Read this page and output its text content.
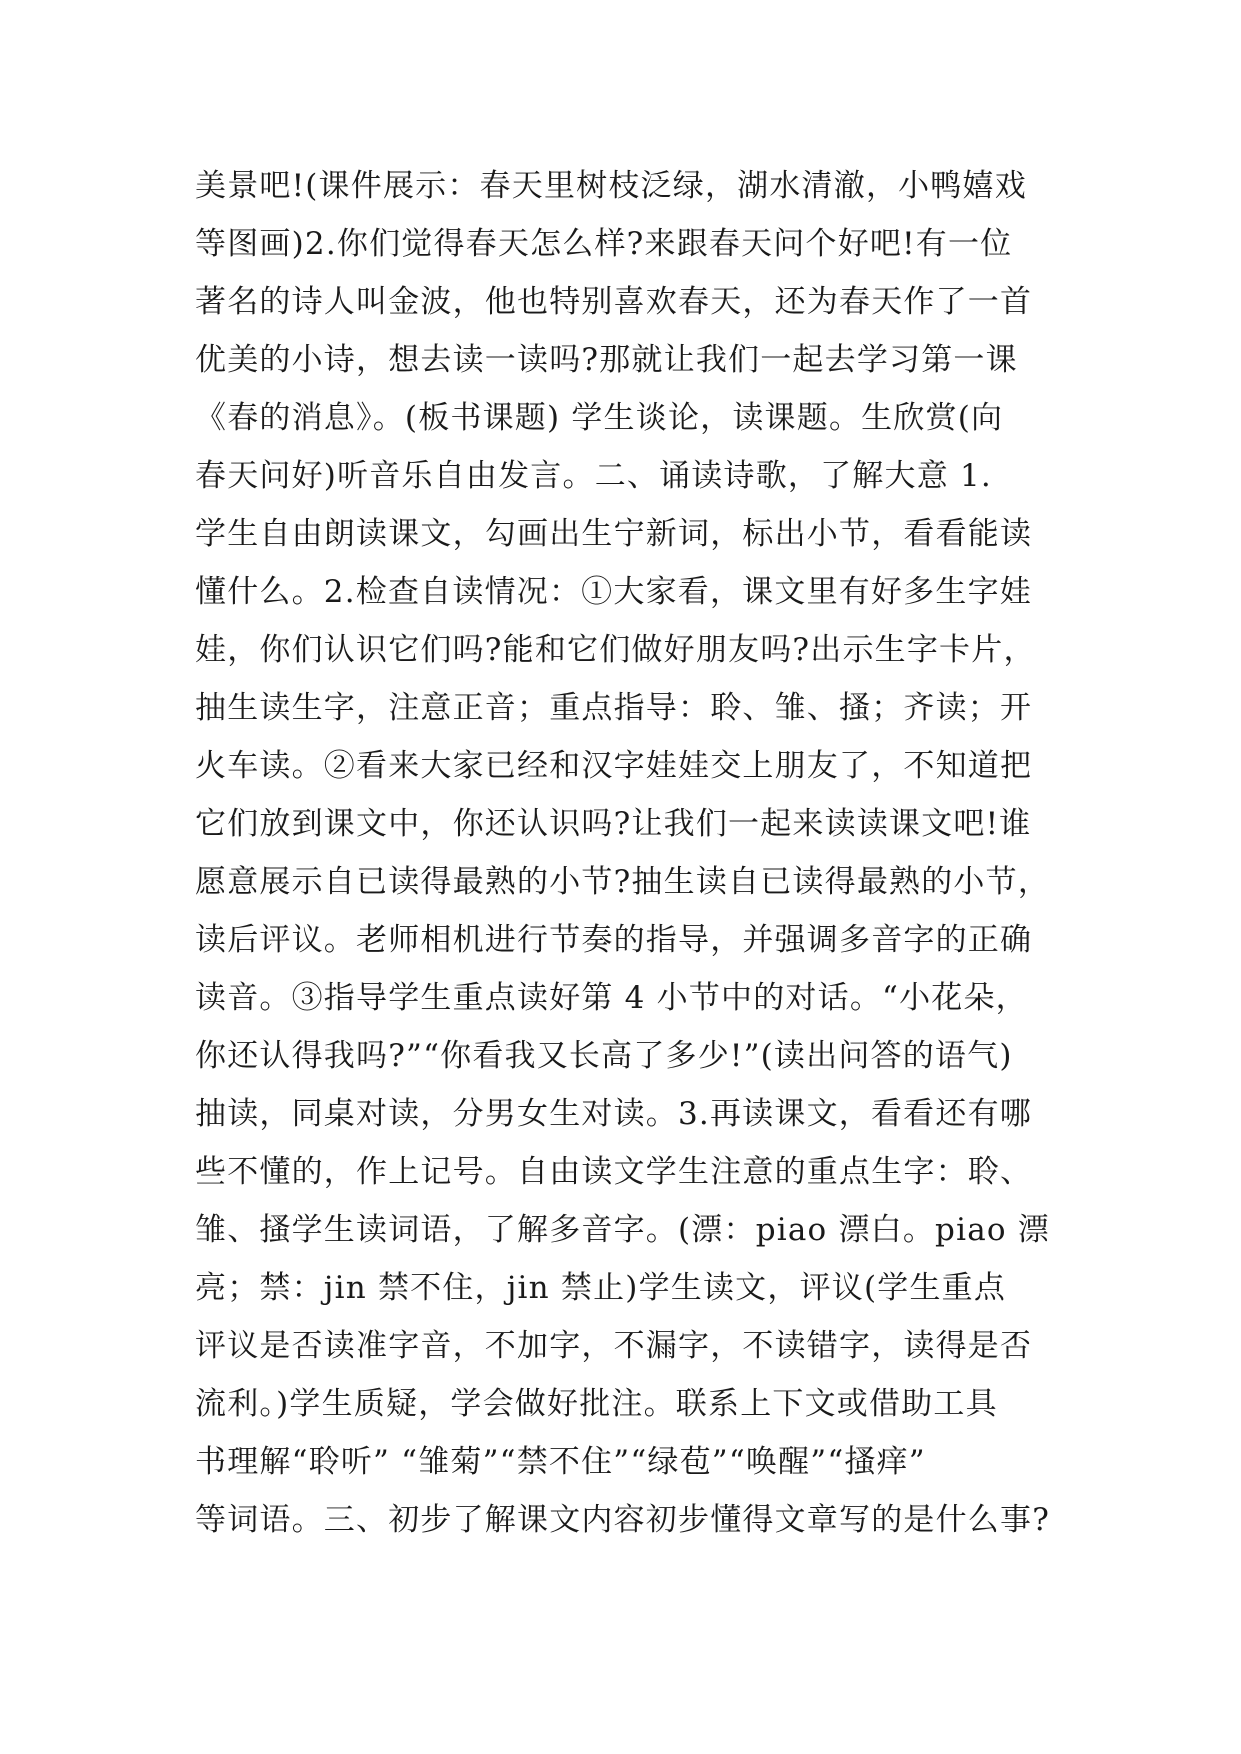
美景吧!(课件展示：春天里树枝泛绿，湖水清澈，小鸭嬉戏
等图画)2.你们觉得春天怎么样?来跟春天问个好吧!有一位
著名的诗人叫金波，他也特别喜欢春天，还为春天作了一首
优美的小诗，想去读一读吗?那就让我们一起去学习第一课
《春的消息》。(板书课题) 学生谈论，读课题。生欣赏(向
春天问好)听音乐自由发言。二、诵读诗歌，了解大意 1.
学生自由朗读课文，勾画出生宁新词，标出小节，看看能读
懂什么。2.检查自读情况：①大家看，课文里有好多生字娃
娃，你们认识它们吗?能和它们做好朋友吗?出示生字卡片，
抽生读生字，注意正音；重点指导：聆、雏、搔；齐读；开
火车读。②看来大家已经和汉字娃娃交上朋友了，不知道把
它们放到课文中，你还认识吗?让我们一起来读读课文吧!谁
愿意展示自已读得最熟的小节?抽生读自已读得最熟的小节，
读后评议。老师相机进行节奏的指导，并强调多音字的正确
读音。③指导学生重点读好第 4 小节中的对话。“小花朵，
你还认得我吗?”“你看我又长高了多少!”(读出问答的语气)
抽读，同桌对读，分男女生对读。3.再读课文，看看还有哪
些不懂的，作上记号。自由读文学生注意的重点生字：聆、
雏、搔学生读词语，了解多音字。(漂：piao 漂白。piao 漂
亮；禁：jin 禁不住，jin 禁止)学生读文，评议(学生重点
评议是否读准字音，不加字，不漏字，不读错字，读得是否
流利。)学生质疑，学会做好批注。联系上下文或借助工具
书理解“聆听” “雏菊”“禁不住”“绿苞”“唤醒”“搔痒”
等词语。三、初步了解课文内容初步懂得文章写的是什么事?
